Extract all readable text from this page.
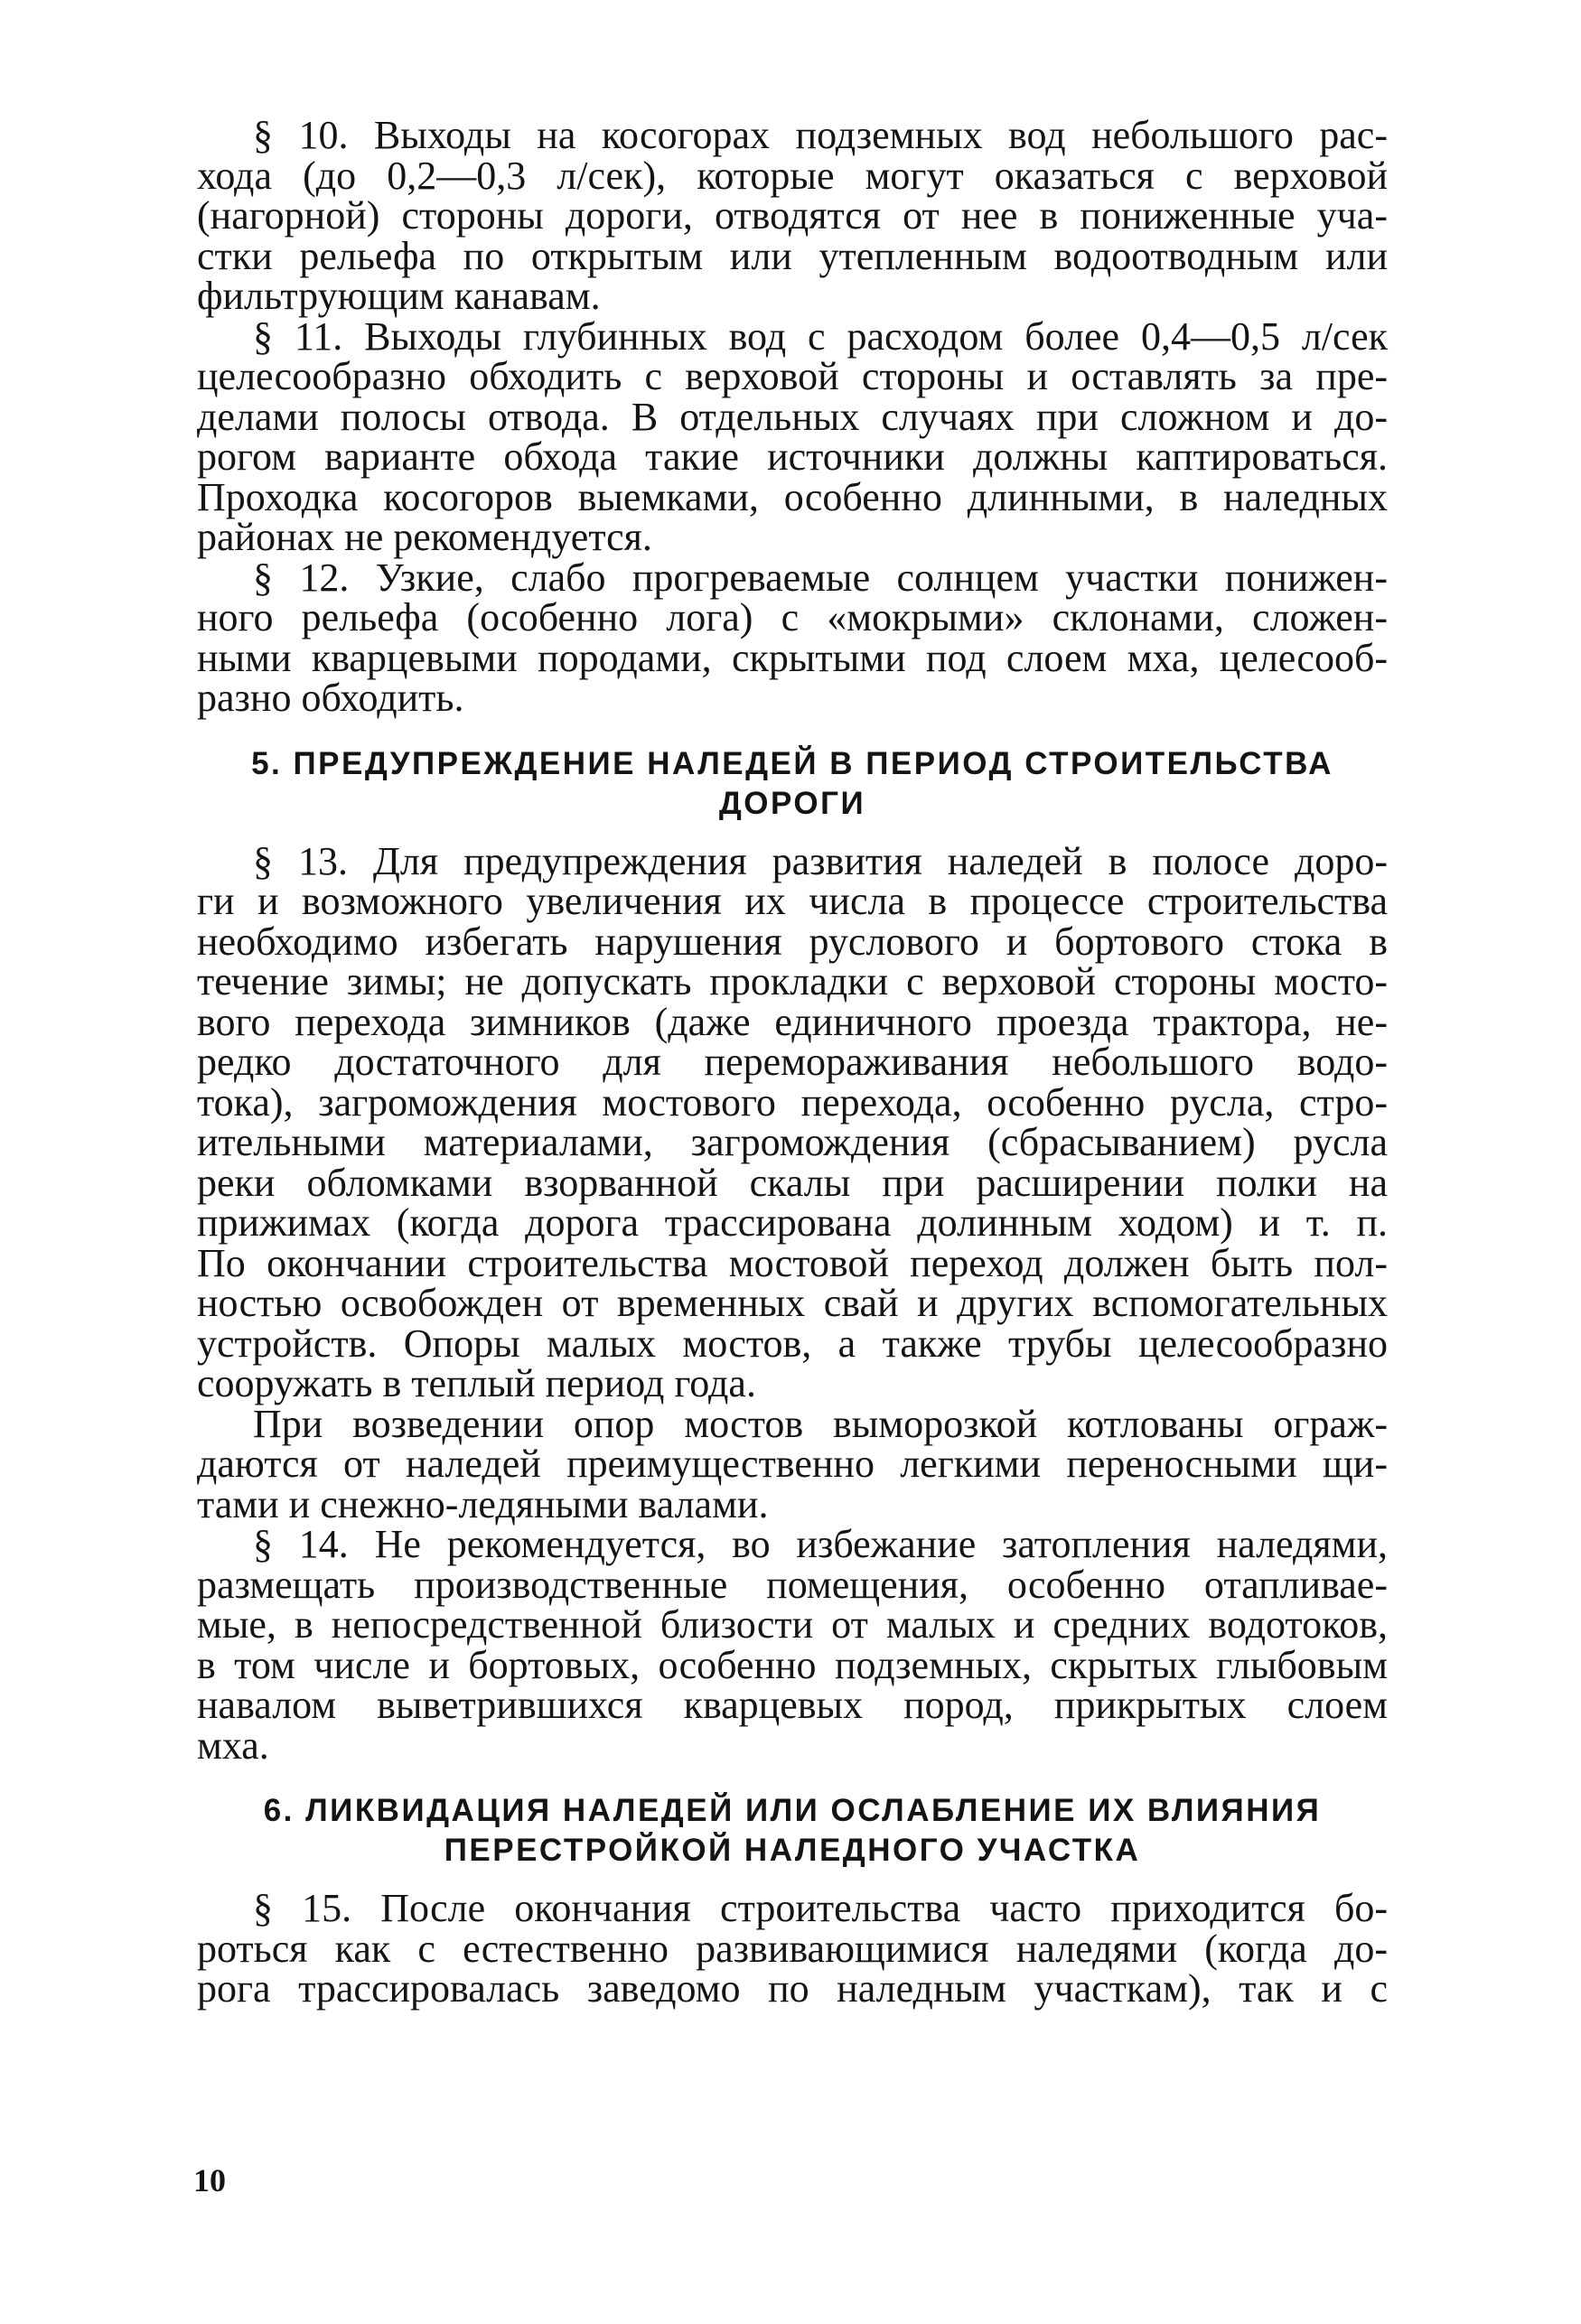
§ 10. Выходы на косогорах подземных вод небольшого рас-
хода (до 0,2—0,3 л/сек), которые могут оказаться с верховой
(нагорной) стороны дороги, отводятся от нее в пониженные уча-
стки рельефа по открытым или утепленным водоотводным или
фильтрующим канавам.
§ 11. Выходы глубинных вод с расходом более 0,4—0,5 л/сек
целесообразно обходить с верховой стороны и оставлять за пре-
делами полосы отвода. В отдельных случаях при сложном и до-
рогом варианте обхода такие источники должны каптироваться.
Проходка косогоров выемками, особенно длинными, в наледных
районах не рекомендуется.
§ 12. Узкие, слабо прогреваемые солнцем участки понижен-
ного рельефа (особенно лога) с «мокрыми» склонами, сложен-
ными кварцевыми породами, скрытыми под слоем мха, целесооб-
разно обходить.
5. ПРЕДУПРЕЖДЕНИЕ НАЛЕДЕЙ В ПЕРИОД СТРОИТЕЛЬСТВА
ДОРОГИ
§ 13. Для предупреждения развития наледей в полосе доро-
ги и возможного увеличения их числа в процессе строительства
необходимо избегать нарушения руслового и бортового стока в
течение зимы; не допускать прокладки с верховой стороны мосто-
вого перехода зимников (даже единичного проезда трактора, не-
редко достаточного для перемораживания небольшого водо-
тока), загромождения мостового перехода, особенно русла, стро-
ительными материалами, загромождения (сбрасыванием) русла
реки обломками взорванной скалы при расширении полки на
прижимах (когда дорога трассирована долинным ходом) и т. п.
По окончании строительства мостовой переход должен быть пол-
ностью освобожден от временных свай и других вспомогательных
устройств. Опоры малых мостов, а также трубы целесообразно
сооружать в теплый период года.
При возведении опор мостов выморозкой котлованы ограж-
даются от наледей преимущественно легкими переносными щи-
тами и снежно-ледяными валами.
§ 14. Не рекомендуется, во избежание затопления наледями,
размещать производственные помещения, особенно отапливае-
мые, в непосредственной близости от малых и средних водотоков,
в том числе и бортовых, особенно подземных, скрытых глыбовым
навалом выветрившихся кварцевых пород, прикрытых слоем
мха.
6. ЛИКВИДАЦИЯ НАЛЕДЕЙ ИЛИ ОСЛАБЛЕНИЕ ИХ ВЛИЯНИЯ
ПЕРЕСТРОЙКОЙ НАЛЕДНОГО УЧАСТКА
§ 15. После окончания строительства часто приходится бо-
роться как с естественно развивающимися наледями (когда до-
рога трассировалась заведомо по наледным участкам), так и с
10
